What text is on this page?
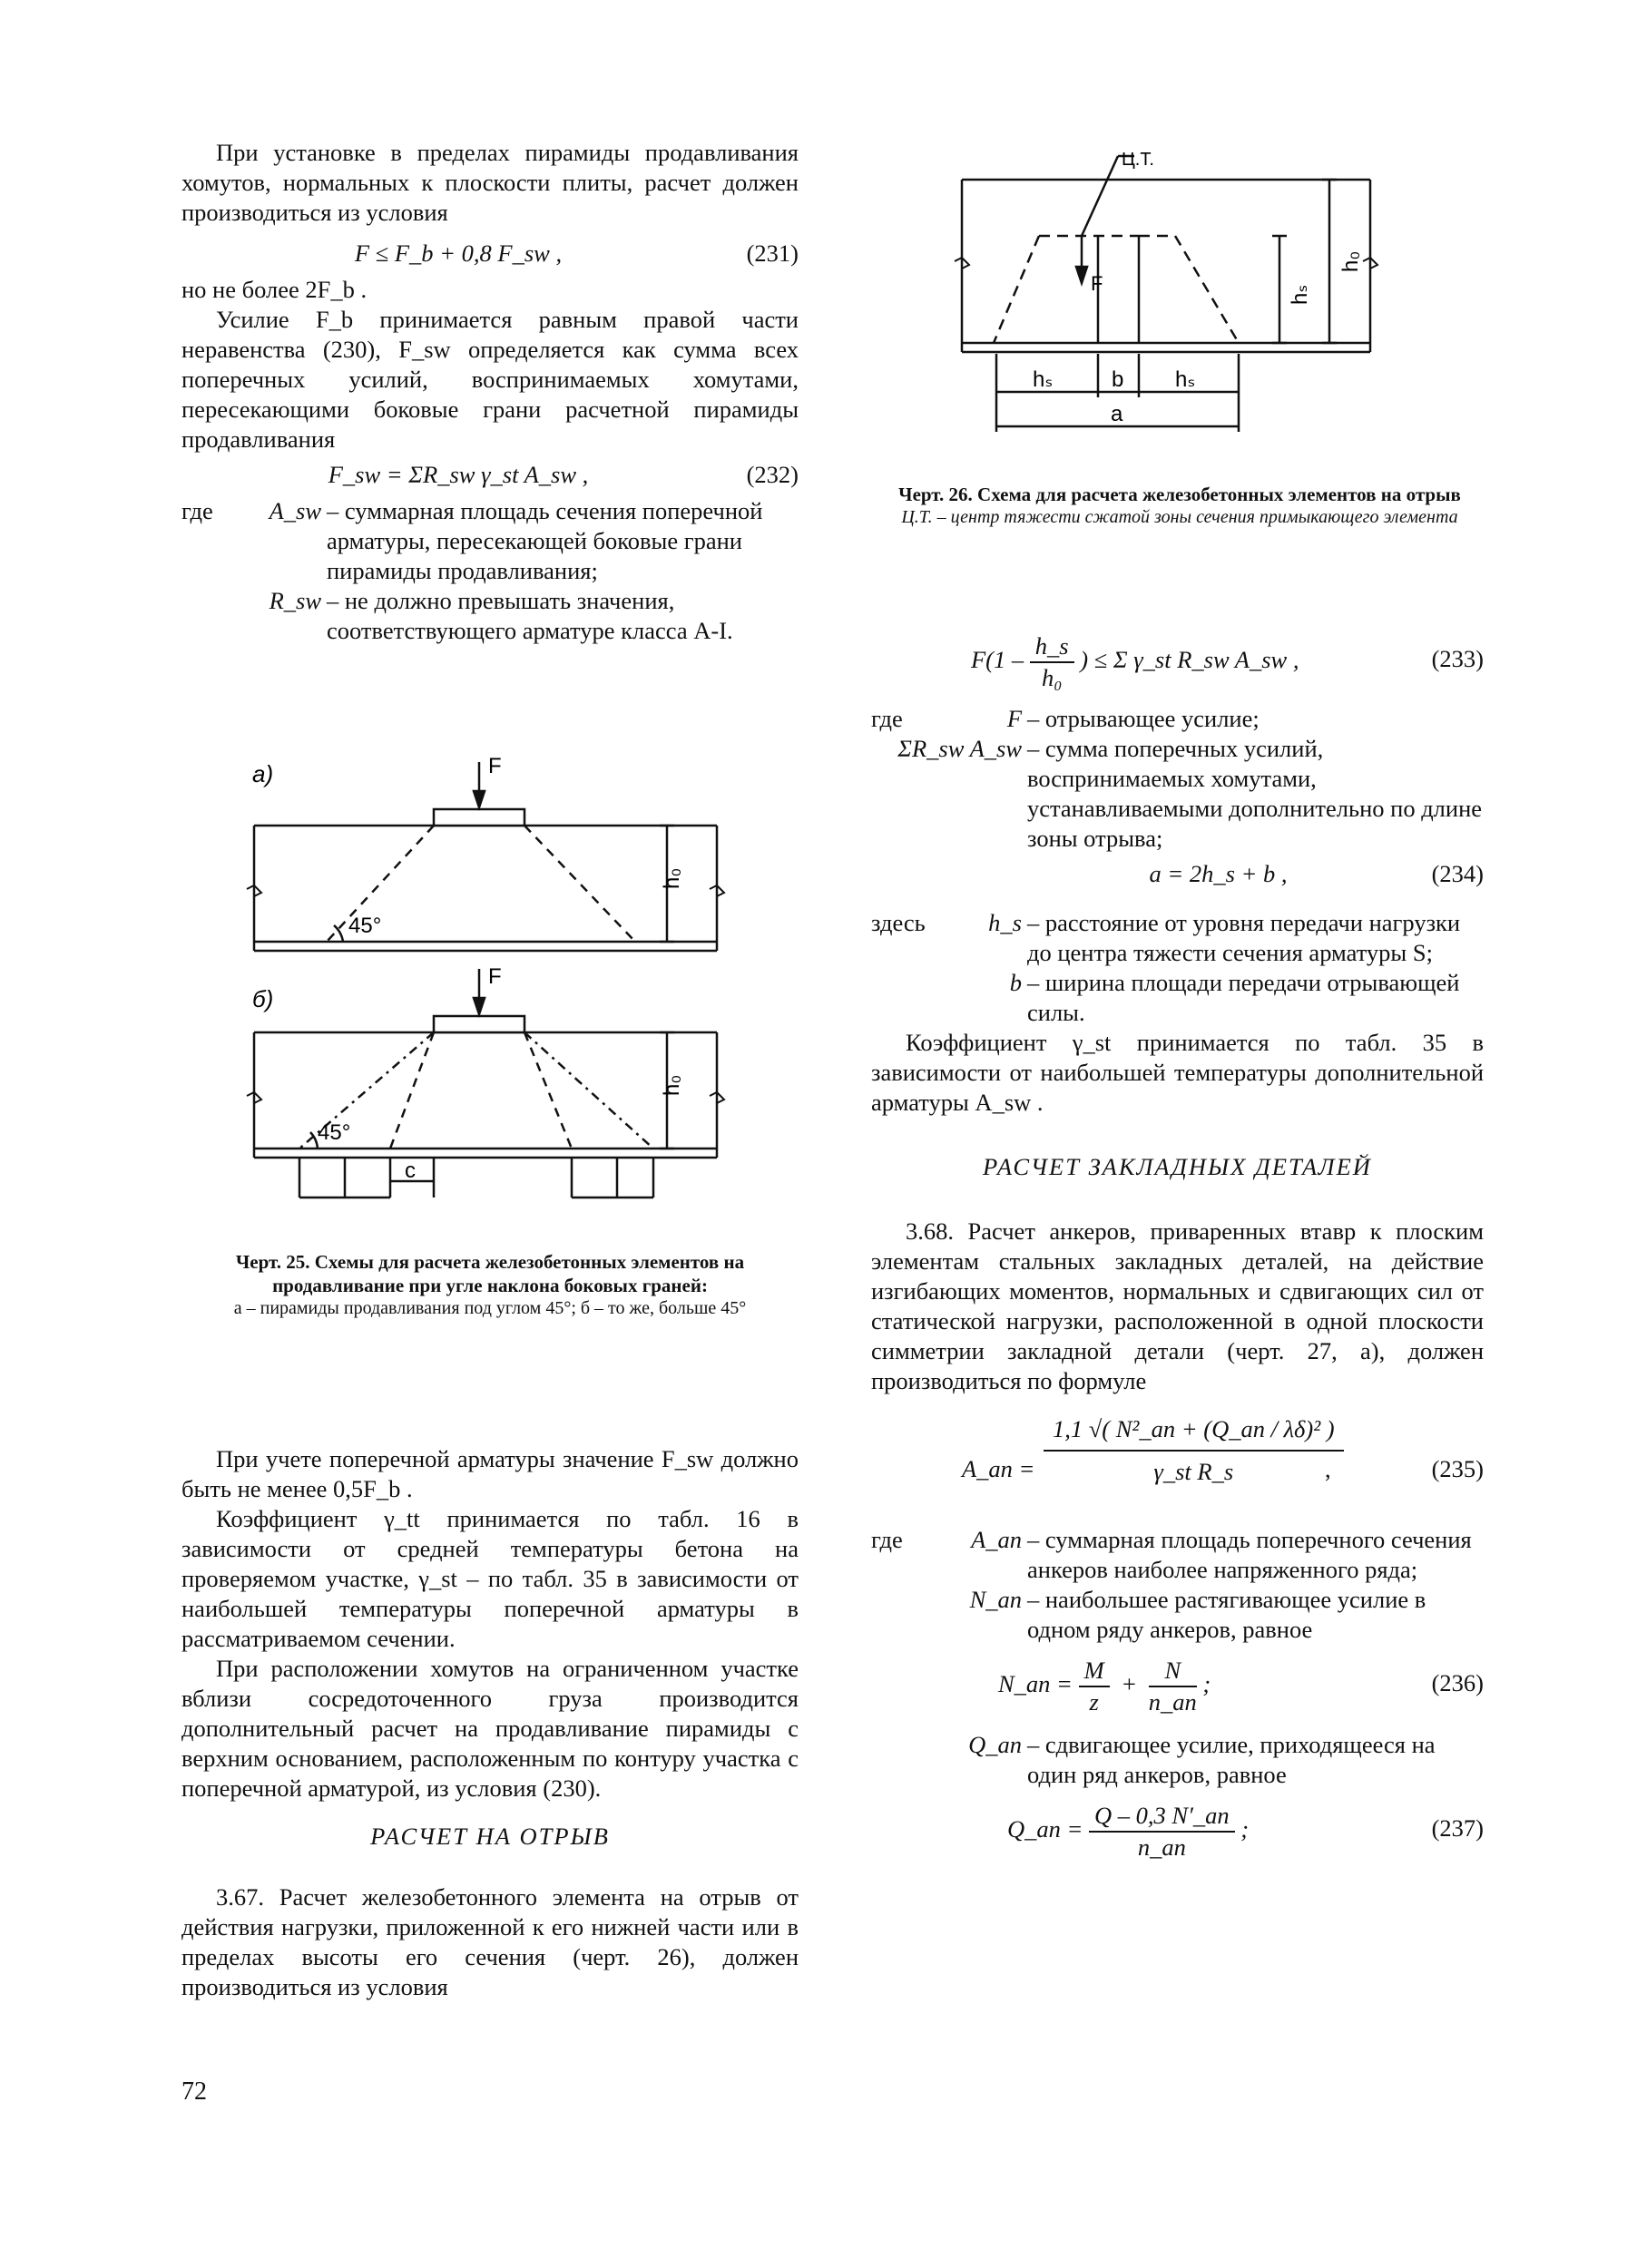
При установке в пределах пирамиды продавливания хомутов, нормальных к плоскости плиты, расчет должен производиться из условия

F ≤ F_b + 0,8 F_sw ,	(231)

но не более 2F_b .

Усилие F_b принимается равным правой части неравенства (230), F_sw определяется как сумма всех поперечных усилий, воспринимаемых хомутами, пересекающими боковые грани расчетной пирамиды продавливания

F_sw = ΣR_sw γ_st A_sw ,	(232)
где	A_sw – суммарная площадь сечения поперечной арматуры, пересекающей боковые грани пирамиды продавливания;
R_sw – не должно превышать значения, соответствующего арматуре класса А-I.
а)
б)
F
F
h₀
h₀
45°
45°
с
Черт. 25. Схемы для расчета железобетонных элементов на продавливание при угле наклона боковых граней:
а – пирамиды продавливания под углом 45°; б – то же, больше 45°

При учете поперечной арматуры значение F_sw должно быть не менее 0,5F_b .

Коэффициент γ_tt принимается по табл. 16 в зависимости от средней температуры бетона на проверяемом участке, γ_st – по табл. 35 в зависимости от наибольшей температуры поперечной арматуры в рассматриваемом сечении.

При расположении хомутов на ограниченном участке вблизи сосредоточенного груза производится дополнительный расчет на продавливание пирамиды с верхним основанием, расположенным по контуру участка с поперечной арматурой, из условия (230).

РАСЧЕТ НА ОТРЫВ

3.67. Расчет железобетонного элемента на отрыв от действия нагрузки, приложенной к его нижней части или в пределах высоты его сечения (черт. 26), должен производиться из условия

Ц.Т.
F
h₀
hₛ
hₛ	b hₛ
a
Черт. 26. Схема для расчета железобетонных элементов на отрыв
Ц.Т. – центр тяжести сжатой зоны сечения примыкающего элемента
$F(1 - \frac{h\_s}{\text{h₀}}$ ) ≤ Σ γ_st R_sw A_sw ,	(233)
где	F – отрывающее усилие;
ΣR_sw A_sw – сумма поперечных усилий, воспринимаемых хомутами, устанавливаемыми дополнительно по длине зоны отрыва;
a = 2h_s + b ,	(234)
здесь	h_s – расстояние от уровня передачи нагрузки до центра тяжести сечения арматуры S;
b – ширина площади передачи отрывающей силы.

Коэффициент γ_st принимается по табл. 35 в зависимости от наибольшей температуры дополнительной арматуры A_sw .

РАСЧЕТ ЗАКЛАДНЫХ ДЕТАЛЕЙ

3.68. Расчет анкеров, приваренных втавр к плоским элементам стальных закладных деталей, на действие изгибающих моментов, нормальных и сдвигающих сил от статической нагрузки, расположенной в одной плоскости симметрии закладной детали (черт. 27, а), должен производиться по формуле

A_an = $\frac{\text{1,1 √( N²\_an + (Q\_an / λδ)² )}}{\text{γ\_st R\_s}}$
,	(235)
где	A_an – суммарная площадь поперечного сечения анкеров наиболее напряженного ряда;
N_an – наибольшее растягивающее усилие в одном ряду анкеров, равное
N_an = $\frac{M}{z} + \frac{N}{n\_an}$ ;	(236)
Q_an – сдвигающее усилие, приходящееся на один ряд анкеров, равное
Q_an = $\frac{Q - 0,3 N'\_an}{n\_an}$ ;	(237)
72
